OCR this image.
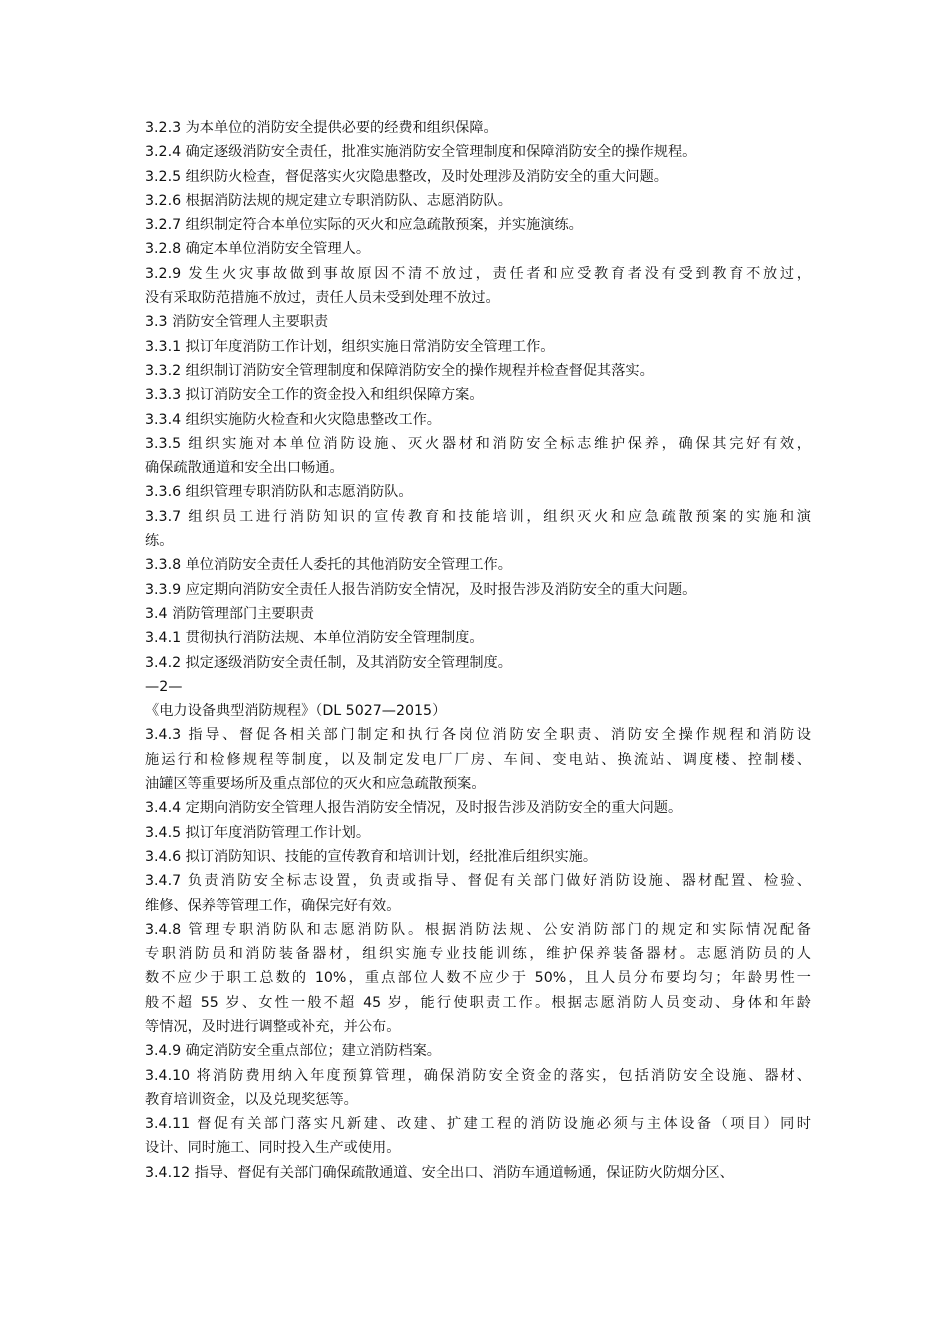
3.2.3 为本单位的消防安全提供必要的经费和组织保障。
3.2.4 确定逐级消防安全责任，批准实施消防安全管理制度和保障消防安全的操作规程。
3.2.5 组织防火检查，督促落实火灾隐患整改，及时处理涉及消防安全的重大问题。
3.2.6 根据消防法规的规定建立专职消防队、志愿消防队。
3.2.7 组织制定符合本单位实际的灭火和应急疏散预案，并实施演练。
3.2.8 确定本单位消防安全管理人。
3.2.9 发生火灾事故做到事故原因不清不放过，责任者和应受教育者没有受到教育不放过，
没有采取防范措施不放过，责任人员未受到处理不放过。
3.3 消防安全管理人主要职责
3.3.1 拟订年度消防工作计划，组织实施日常消防安全管理工作。
3.3.2 组织制订消防安全管理制度和保障消防安全的操作规程并检查督促其落实。
3.3.3 拟订消防安全工作的资金投入和组织保障方案。
3.3.4 组织实施防火检查和火灾隐患整改工作。
3.3.5 组织实施对本单位消防设施、灭火器材和消防安全标志维护保养，确保其完好有效，
确保疏散通道和安全出口畅通。
3.3.6 组织管理专职消防队和志愿消防队。
3.3.7 组织员工进行消防知识的宣传教育和技能培训，组织灭火和应急疏散预案的实施和演
练。
3.3.8 单位消防安全责任人委托的其他消防安全管理工作。
3.3.9 应定期向消防安全责任人报告消防安全情况，及时报告涉及消防安全的重大问题。
3.4 消防管理部门主要职责
3.4.1 贯彻执行消防法规、本单位消防安全管理制度。
3.4.2 拟定逐级消防安全责任制，及其消防安全管理制度。
—2—
《电力设备典型消防规程》（DL 5027—2015）
3.4.3 指导、督促各相关部门制定和执行各岗位消防安全职责、消防安全操作规程和消防设
施运行和检修规程等制度，以及制定发电厂厂房、车间、变电站、换流站、调度楼、控制楼、
油罐区等重要场所及重点部位的灭火和应急疏散预案。
3.4.4 定期向消防安全管理人报告消防安全情况，及时报告涉及消防安全的重大问题。
3.4.5 拟订年度消防管理工作计划。
3.4.6 拟订消防知识、技能的宣传教育和培训计划，经批准后组织实施。
3.4.7 负责消防安全标志设置，负责或指导、督促有关部门做好消防设施、器材配置、检验、
维修、保养等管理工作，确保完好有效。
3.4.8 管理专职消防队和志愿消防队。根据消防法规、公安消防部门的规定和实际情况配备
专职消防员和消防装备器材，组织实施专业技能训练，维护保养装备器材。志愿消防员的人
数不应少于职工总数的 10%，重点部位人数不应少于 50%，且人员分布要均匀；年龄男性一
般不超 55 岁、女性一般不超 45 岁，能行使职责工作。根据志愿消防人员变动、身体和年龄
等情况，及时进行调整或补充，并公布。
3.4.9 确定消防安全重点部位；建立消防档案。
3.4.10 将消防费用纳入年度预算管理，确保消防安全资金的落实，包括消防安全设施、器材、
教育培训资金，以及兑现奖惩等。
3.4.11 督促有关部门落实凡新建、改建、扩建工程的消防设施必须与主体设备（项目）同时
设计、同时施工、同时投入生产或使用。
3.4.12 指导、督促有关部门确保疏散通道、安全出口、消防车通道畅通，保证防火防烟分区、
